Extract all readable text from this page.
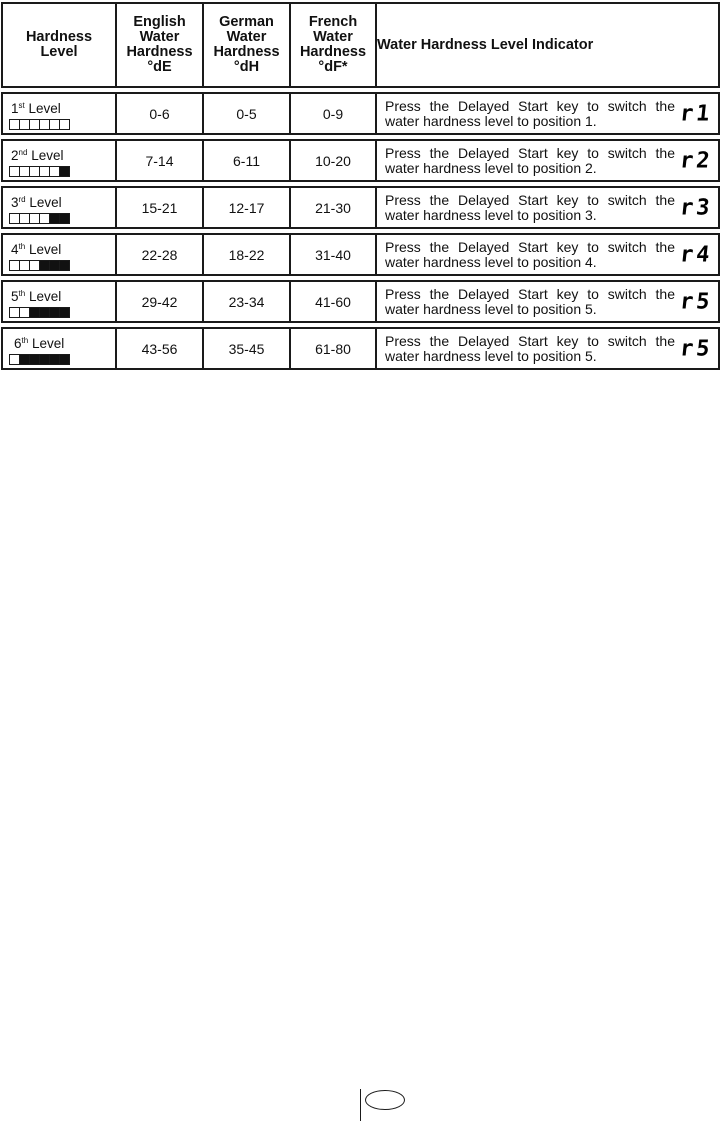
Hardness Level	English
Water
Hardness
°dE	German
Water
Hardness
°dH	French
Water
Hardness
°dF*	Water Hardness Level Indicator

1st Level	0-6	0-5	0-9	Press the Delayed Start key to switch the water hardness level to position 1. r1

2nd Level	7-14	6-11	10-20	Press the Delayed Start key to switch the water hardness level to position 2. r2

3rd Level	15-21	12-17	21-30	Press the Delayed Start key to switch the water hardness level to position 3. r3

4th Level	22-28	18-22	31-40	Press the Delayed Start key to switch the water hardness level to position 4. r4

5th Level	29-42	23-34	41-60	Press the Delayed Start key to switch the water hardness level to position 5. r5

6th Level	43-56	35-45	61-80	Press the Delayed Start key to switch the water hardness level to position 5. r5
